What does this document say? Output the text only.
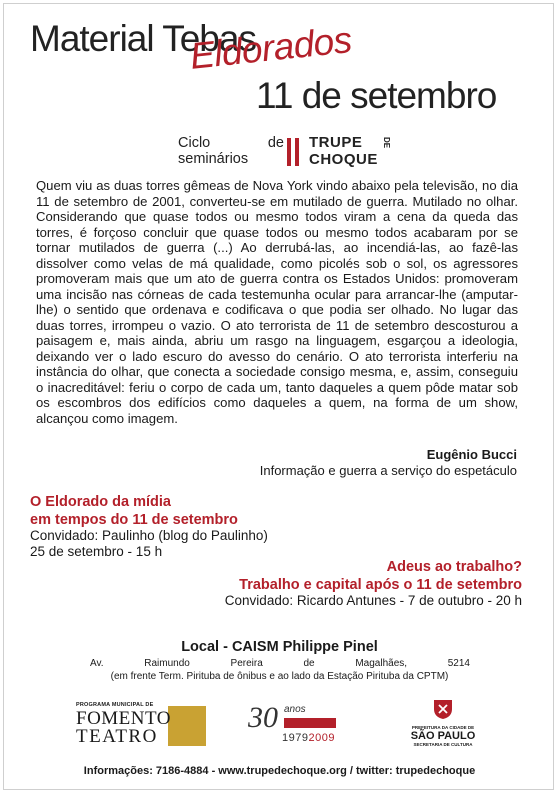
Material Tebas
Eldorados
11 de setembro
Ciclo de
seminários
TRUPE
CHOQUE
DE

Quem viu as duas torres gêmeas de Nova York vindo abaixo pela televisão, no dia 11 de setembro de 2001, converteu-se em mutilado de guerra. Mutilado no olhar. Considerando que quase todos ou mesmo todos viram a cena da queda das torres, é forçoso concluir que quase todos ou mesmo todos acabaram por se tornar mutilados de guerra (...) Ao derrubá-las, ao incendiá-las, ao fazê-las dissolver como velas de má qualidade, como picolés sob o sol, os agressores promoveram mais que um ato de guerra contra os Estados Unidos: promoveram uma incisão nas córneas de cada testemunha ocular para arrancar-lhe (amputar-lhe) o sentido que ordenava e codificava o que podia ser olhado. No lugar das duas torres, irrompeu o vazio. O ato terrorista de 11 de setembro descosturou a paisagem e, mais ainda, abriu um rasgo na linguagem, esgarçou a ideologia, deixando ver o lado escuro do avesso do cenário. O ato terrorista interferiu na instância do olhar, que conecta a sociedade consigo mesma, e, assim, conseguiu o inacreditável: feriu o corpo de cada um, tanto daqueles a quem pôde matar sob os escombros dos edifícios como daqueles a quem, na forma de um show, alcançou como imagem.

Eugênio Bucci
Informação e guerra a serviço do espetáculo
O Eldorado da mídia
em tempos do 11 de setembro
Convidado: Paulinho (blog do Paulinho)
25 de setembro - 15 h
Adeus ao trabalho?
Trabalho e capital após o 11 de setembro
Convidado: Ricardo Antunes - 7 de outubro - 20 h
Local - CAISM Philippe Pinel
Av. Raimundo Pereira de Magalhães, 5214
(em frente Term. Pirituba de ônibus e ao lado da Estação Pirituba da CPTM)
PROGRAMA MUNICIPAL DE
FOMENTO
TEATRO
30 anos
19792009
PREFEITURA DA CIDADE DE
SÃO PAULO
SECRETARIA DE CULTURA
Informações: 7186-4884 - www.trupedechoque.org / twitter: trupedechoque
